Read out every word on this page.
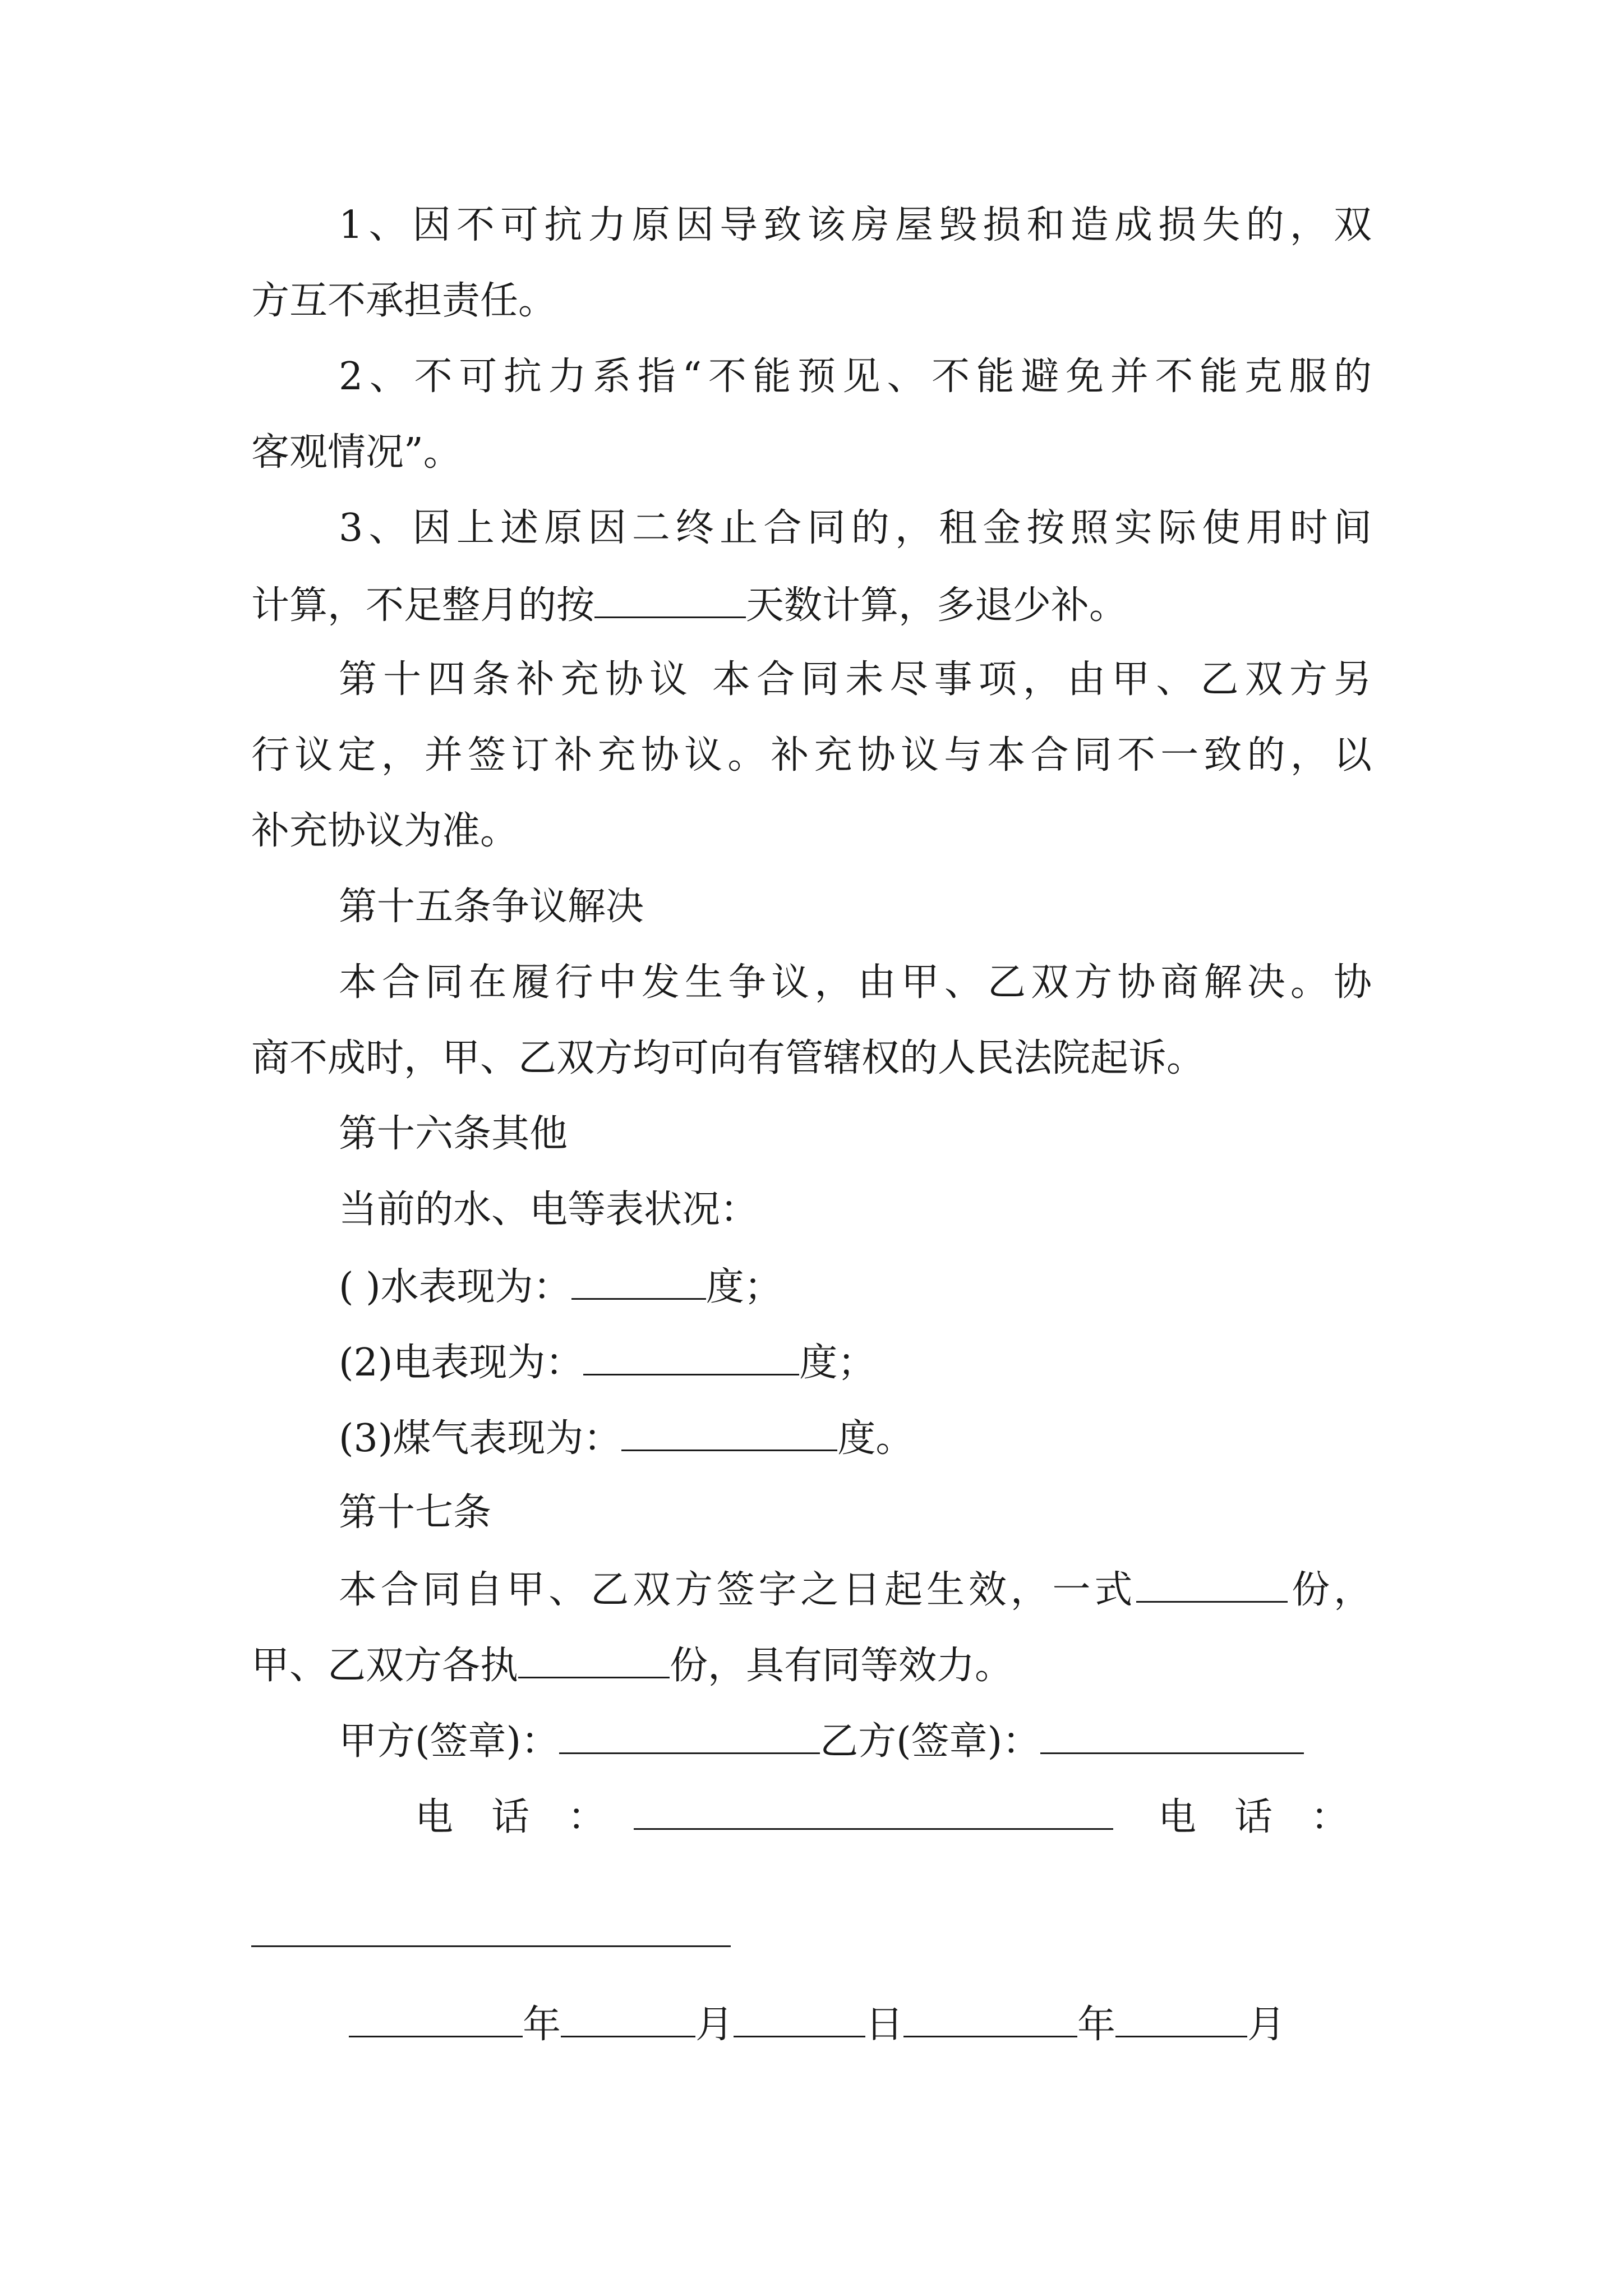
1、因不可抗力原因导致该房屋毁损和造成损失的，双
方互不承担责任。
2、不可抗力系指“不能预见、不能避免并不能克服的
客观情况”。
3、因上述原因二终止合同的，租金按照实际使用时间
计算，不足整月的按	天数计算，多退少补。
第十四条补充协议 本合同未尽事项，由甲、乙双方另
行议定，并签订补充协议。补充协议与本合同不一致的，以
补充协议为准。
第十五条争议解决
本合同在履行中发生争议，由甲、乙双方协商解决。协
商不成时，甲、乙双方均可向有管辖权的人民法院起诉。
第十六条其他
当前的水、电等表状况：
( )水表现为：	度；
(2)电表现为：	度；
(3)煤气表现为：	度。
第十七条
本合同自甲、乙双方签字之日起生效，一式	份，
甲、乙双方各执	份，具有同等效力。
甲方(签章)：	乙方(签章)：
电　话　：	电　话　：
年	月	日	年	月
